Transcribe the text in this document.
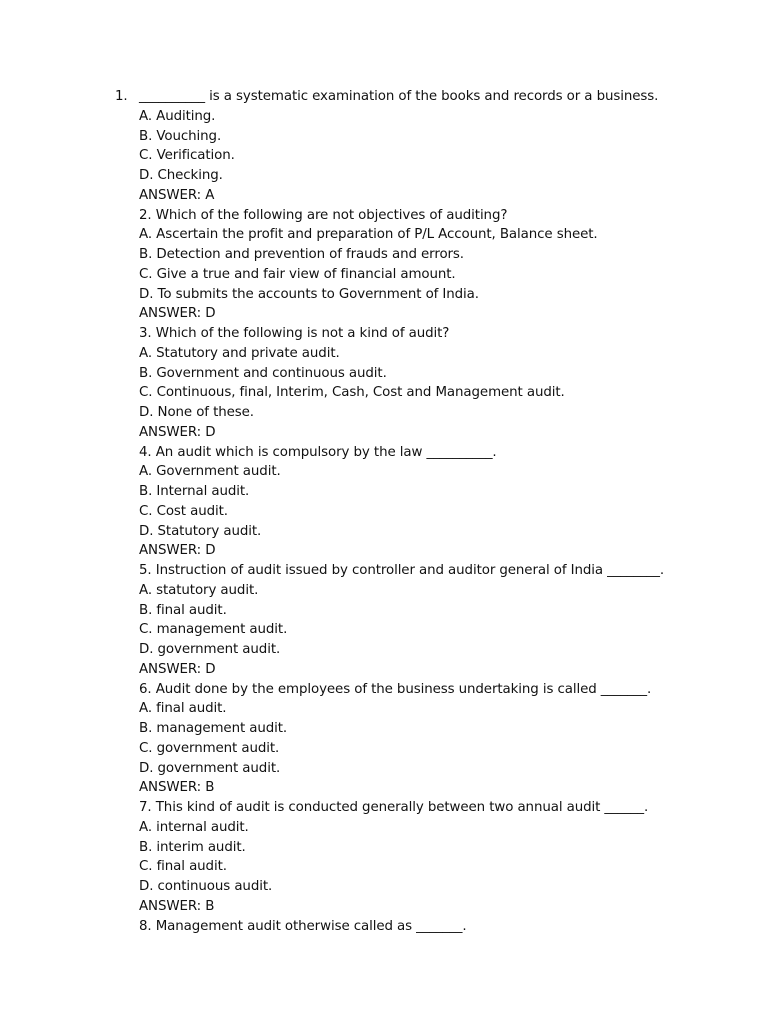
1. __________ is a systematic examination of the books and records or a business.
A. Auditing.
B. Vouching.
C. Verification.
D. Checking.
ANSWER: A
2. Which of the following are not objectives of auditing?
A. Ascertain the profit and preparation of P/L Account, Balance sheet.
B. Detection and prevention of frauds and errors.
C. Give a true and fair view of financial amount.
D. To submits the accounts to Government of India.
ANSWER: D
3. Which of the following is not a kind of audit?
A. Statutory and private audit.
B. Government and continuous audit.
C. Continuous, final, Interim, Cash, Cost and Management audit.
D. None of these.
ANSWER: D
4. An audit which is compulsory by the law __________.
A. Government audit.
B. Internal audit.
C. Cost audit.
D. Statutory audit.
ANSWER: D
5. Instruction of audit issued by controller and auditor general of India ________.
A. statutory audit.
B. final audit.
C. management audit.
D. government audit.
ANSWER: D
6. Audit done by the employees of the business undertaking is called _______.
A. final audit.
B. management audit.
C. government audit.
D. government audit.
ANSWER: B
7. This kind of audit is conducted generally between two annual audit ______.
A. internal audit.
B. interim audit.
C. final audit.
D. continuous audit.
ANSWER: B
8. Management audit otherwise called as _______.
